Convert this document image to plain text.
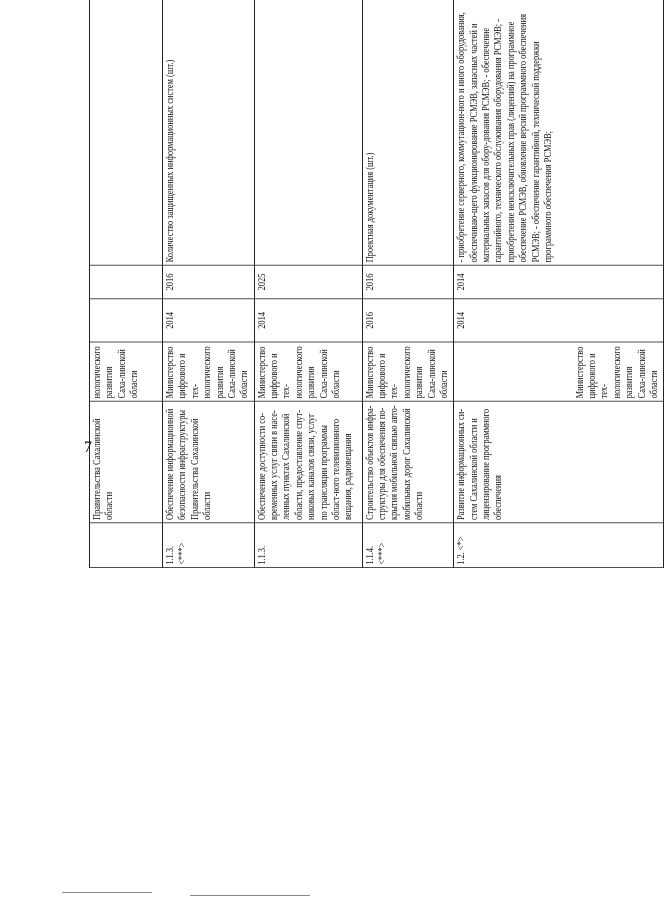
7
	Правительства Сахалинской области	нологического развития Саха-линской области					
1.1.3. <***>	Обеспечение информационной безопасности инфраструктуры Правительства Сахалинской области	Министерство цифрового и тех-нологического развития Саха-линской области	2014	2016	Количество защищенных информационных систем (шт.)		
1.1.3.	Обеспечение доступности со-временных услуг связи в насе-ленных пунктах Сахалинской области, предоставление спут-никовых каналов связи, услуг по трансляции программы област-ного телевизионного вещания, радиовещания	Министерство цифрового и тех-нологического развития Саха-линской области	2014	2025			
1.1.4. <***>	Строительство объектов инфра-структуры для обеспечения по-крытия мобильной связью авто-мобильных дорог Сахалинской области	Министерство цифрового и тех-нологического развития Саха-линской области	2016	2016	Проектная документация (шт.)		
1.2. <*>	Развитие информационных си-стем Сахалинской области и лицензирование программного обеспечения	Министерство цифрового и тех-нологического развития Саха-линской области	2014	2014	- приобретение серверного, коммутацион-ного и иного оборудования, обеспечиваю-щего функционирование РСМЭВ, запасных частей и материальных запасов для обору-дования РСМЭВ; - обеспечение гарантийного, технического обслуживания оборудования РСМЭВ; - приобретение неисключительных прав (лицензий) на программное обеспечение РСМЭВ, обновление версий программного обеспечения РСМЭВ; - обеспечение гарантийной, технической поддержки программного обеспечения РСМЭВ;		
